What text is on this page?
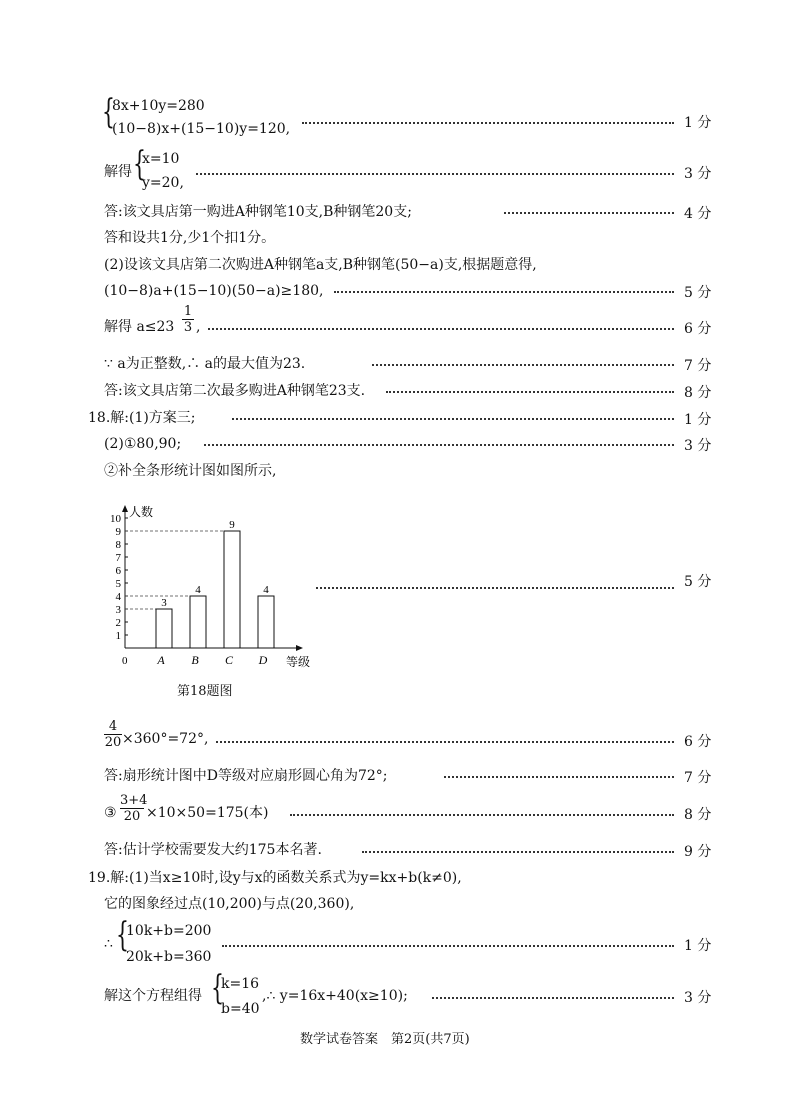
{
8x+10y=280
(10−8)x+(15−10)y=120,	1 分
解得 {
x=10
y=20,
3 分
答:该文具店第一购进A种钢笔10支,B种钢笔20支;	4 分
答和设共1分,少1个扣1分。
(2)设该文具店第二次购进A种钢笔a支,B种钢笔(50−a)支,根据题意得,
(10−8)a+(15−10)(50−a)≥180,	5 分
解得 $a\le 23 \frac{1}{3}$ ,	6 分
∵ a为正整数,∴ a的最大值为23.	7 分
答:该文具店第二次最多购进A种钢笔23支.	8 分
18.解:(1)方案三;	1 分
(2)①80,90;	3 分
②补全条形统计图如图所示,
人数
等级
0
1
2
3
4
5
6
7
8
9
10
3
A
4
B
9
C
4
D
5 分
第18题图
$\frac{4}{20} \times 360^\circ=72^\circ$,	6 分
答:扇形统计图中D等级对应扇形圆心角为72°;	7 分
③ $\frac{3+4}{20} \times 10\times 50=175$(本)	8 分
答:估计学校需要发大约175本名著.	9 分
19.解:(1)当x≥10时,设y与x的函数关系式为y=kx+b(k≠0),
它的图象经过点(10,200)与点(20,360),
∴ {
10k+b=200
20k+b=360
1 分
解这个方程组得 {
k=16
b=40
,∴ y=16x+40(x≥10);	3 分
数学试卷答案　第2页(共7页)
